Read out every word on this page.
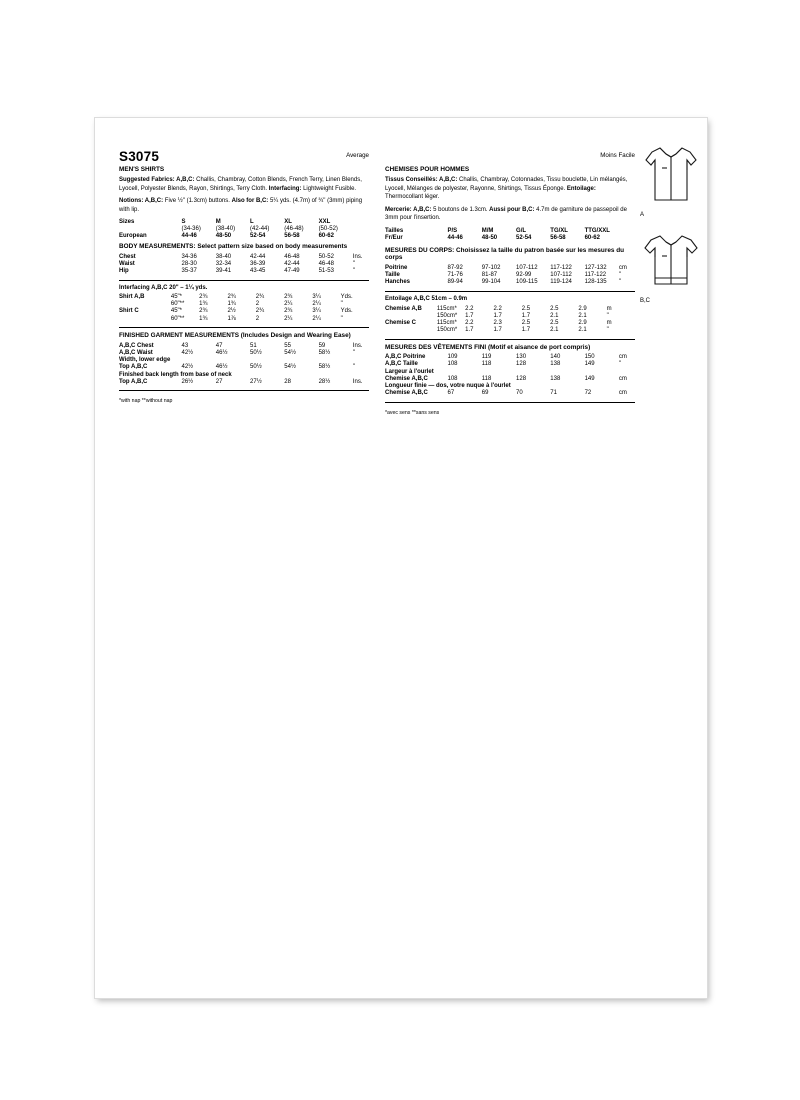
S3075	Average
MEN'S SHIRTS

Suggested Fabrics: A,B,C: Challis, Chambray, Cotton Blends, French Terry, Linen Blends, Lyocell, Polyester Blends, Rayon, Shirtings, Terry Cloth. Interfacing: Lightweight Fusible.

Notions: A,B,C: Five ½" (1.3cm) buttons. Also for B,C: 5¼ yds. (4.7m) of ¾" (3mm) piping with lip.

Sizes	S	M	L	XL	XXL	
	(34-36)	(38-40)	(42-44)	(46-48)	(50-52)	
European	44-46	48-50	52-54	56-58	60-62	
BODY MEASUREMENTS: Select pattern size based on body measurements
Chest	34-36	38-40	42-44	46-48	50-52	Ins.
Waist	28-30	32-34	36-39	42-44	46-48	"
Hip	35-37	39-41	43-45	47-49	51-53	"
Interfacing A,B,C 20" – 1¼ yds.
Shirt A,B	45"*	2¾	2¾	2¾	2¾	3¼	Yds.
	60"**	1¾	1¾	2	2¼	2¼	"
Shirt C	45"*	2¾	2½	2¾	2¾	3¼	Yds.
	60"**	1¾	1⅞	2	2¼	2¼	"
FINISHED GARMENT MEASUREMENTS (Includes Design and Wearing Ease)
A,B,C Chest	43	47	51	55	59	Ins.
A,B,C Waist	42½	46½	50½	54½	58½	"
Width, lower edge						
Top A,B,C	42½	46½	50½	54½	58½	"
Finished back length from base of neck						
Top A,B,C	26½	27	27½	28	28½	Ins.
*with nap **without nap
Moins Facile
CHEMISES POUR HOMMES

Tissus Conseillés: A,B,C: Challis, Chambray, Cotonnades, Tissu bouclette, Lin mélangés, Lyocell, Mélanges de polyester, Rayonne, Shirtings, Tissus Éponge. Entoilage: Thermocollant léger.

Mercerie: A,B,C: 5 boutons de 1.3cm. Aussi pour B,C: 4.7m de garniture de passepoil de 3mm pour l'insertion.

Tailles	P/S	M/M	G/L	TG/XL	TTG/XXL	
Fr/Eur	44-46	48-50	52-54	56-58	60-62	
MESURES DU CORPS: Choisissez la taille du patron basée sur les mesures du corps
Poitrine	87-92	97-102	107-112	117-122	127-132	cm
Taille	71-76	81-87	92-99	107-112	117-122	"
Hanches	89-94	99-104	109-115	119-124	128-135	"
Entoilage A,B,C 51cm – 0.9m
Chemise A,B	115cm*	2.2	2.2	2.5	2.5	2.9	m
	150cm*	1.7	1.7	1.7	2.1	2.1	"
Chemise C	115cm*	2.2	2.3	2.5	2.5	2.9	m
	150cm*	1.7	1.7	1.7	2.1	2.1	"
MESURES DES VÊTEMENTS FINI (Motif et aisance de port compris)
A,B,C Poitrine	109	119	130	140	150	cm
A,B,C Taille	108	118	128	138	149	"
Largeur à l'ourlet						
Chemise A,B,C	108	118	128	138	149	cm
Longueur finie — dos, votre nuque à l'ourlet						
Chemise A,B,C	67	69	70	71	72	cm
*avec sens **sans sens
A
B,C
